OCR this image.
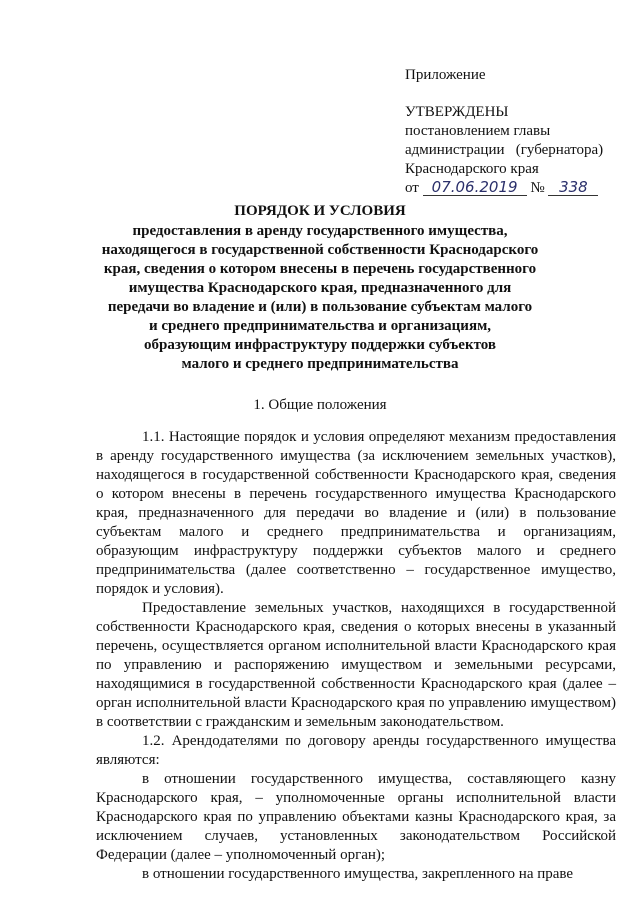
Приложение
УТВЕРЖДЕНЫ
постановлением главы
администрации   (губернатора)
Краснодарского края
от 07.06.2019 № 338
ПОРЯДОК И УСЛОВИЯ
предоставления в аренду государственного имущества,
находящегося в государственной собственности Краснодарского
края, сведения о котором внесены в перечень государственного
имущества Краснодарского края, предназначенного для
передачи во владение и (или) в пользование субъектам малого
и среднего предпринимательства и организациям,
образующим инфраструктуру поддержки субъектов
малого и среднего предпринимательства
1. Общие положения

1.1. Настоящие порядок и условия определяют механизм предоставления в аренду государственного имущества (за исключением земельных участков), находящегося в государственной собственности Краснодарского края, сведения о котором внесены в перечень государственного имущества Краснодарского края, предназначенного для передачи во владение и (или) в пользование субъектам малого и среднего предпринимательства и организациям, образующим инфраструктуру поддержки субъектов малого и среднего предпринимательства (далее соответственно – государственное имущество, порядок и условия).

Предоставление земельных участков, находящихся в государственной собственности Краснодарского края, сведения о которых внесены в указанный перечень, осуществляется органом исполнительной власти Краснодарского края по управлению и распоряжению имуществом и земельными ресурсами, находящимися в государственной собственности Краснодарского края (далее – орган исполнительной власти Краснодарского края по управлению имуществом) в соответствии с гражданским и земельным законодательством.

1.2. Арендодателями по договору аренды государственного имущества являются:

в отношении государственного имущества, составляющего казну Краснодарского края, – уполномоченные органы исполнительной власти Краснодарского края по управлению объектами казны Краснодарского края, за исключением случаев, установленных законодательством Российской Федерации (далее – уполномоченный орган);

в отношении государственного имущества, закрепленного на праве
